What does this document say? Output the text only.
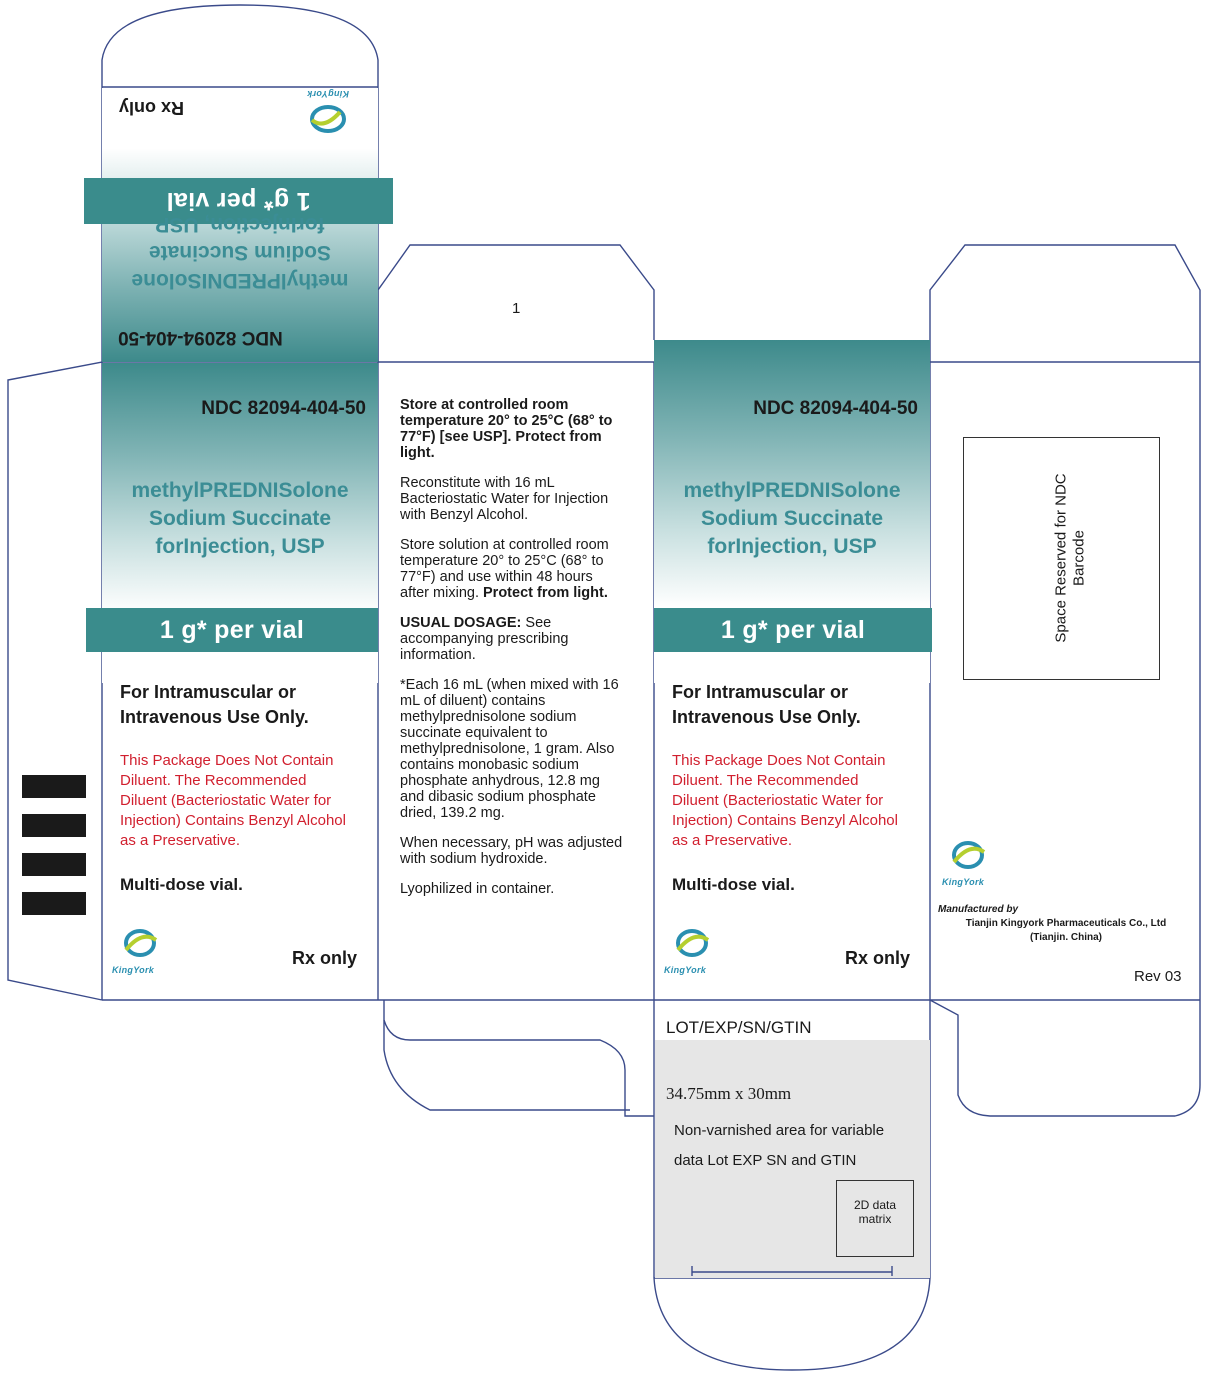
1 g* per vial
NDC 82094-404-50
methylPREDNISolone
Sodium Succinate
forInjection, USP
Rx only
KingYork
1
NDC 82094-404-50
methylPREDNISolone
Sodium Succinate
forInjection, USP
1 g* per vial
For Intramuscular or
Intravenous Use Only.
This Package Does Not Contain
Diluent. The Recommended
Diluent (Bacteriostatic Water for
Injection) Contains Benzyl Alcohol
as a Preservative.
Multi-dose vial.
KingYork
Rx only

Store at controlled room
temperature 20° to 25°C (68° to
77°F) [see USP]. Protect from
light.

Reconstitute with 16 mL
Bacteriostatic Water for Injection
with Benzyl Alcohol.

Store solution at controlled room
temperature 20° to 25°C (68° to
77°F) and use within 48 hours
after mixing. Protect from light.

USUAL DOSAGE: See
accompanying prescribing
information.

*Each 16 mL (when mixed with 16
mL of diluent) contains
methylprednisolone sodium
succinate equivalent to
methylprednisolone, 1 gram. Also
contains monobasic sodium
phosphate anhydrous, 12.8 mg
and dibasic sodium phosphate
dried, 139.2 mg.

When necessary, pH was adjusted
with sodium hydroxide.

Lyophilized in container.

NDC 82094-404-50
methylPREDNISolone
Sodium Succinate
forInjection, USP
1 g* per vial
For Intramuscular or
Intravenous Use Only.
This Package Does Not Contain
Diluent. The Recommended
Diluent (Bacteriostatic Water for
Injection) Contains Benzyl Alcohol
as a Preservative.
Multi-dose vial.
KingYork
Rx only
Space Reserved for NDC Barcode
KingYork
Manufactured by
Tianjin Kingyork Pharmaceuticals Co., Ltd
(Tianjin. China)
Rev 03
LOT/EXP/SN/GTIN
34.75mm x 30mm
Non-varnished area for variable
data Lot EXP SN and GTIN
2D data
matrix
